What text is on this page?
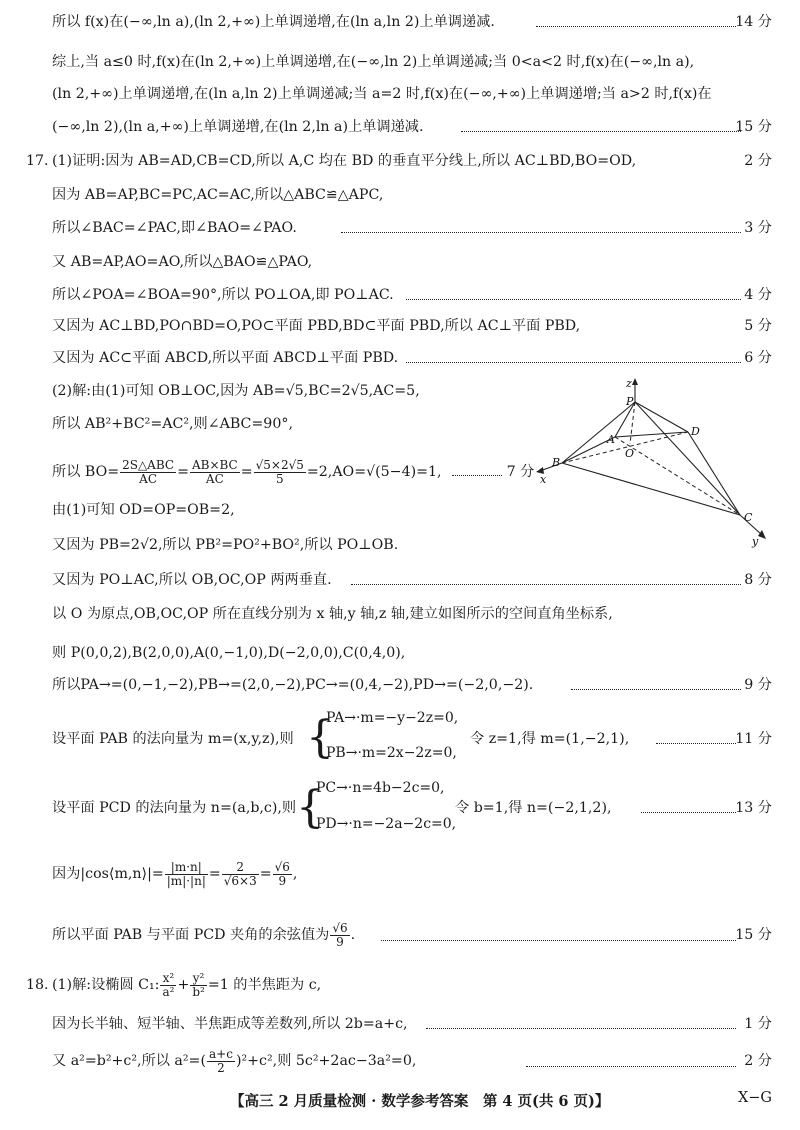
所以 f(x)在(−∞,ln a),(ln 2,+∞)上单调递增,在(ln a,ln 2)上单调递减.	14 分
综上,当 a≤0 时,f(x)在(ln 2,+∞)上单调递增,在(−∞,ln 2)上单调递减;当 0<a<2 时,f(x)在(−∞,ln a),
(ln 2,+∞)上单调递增,在(ln a,ln 2)上单调递减;当 a=2 时,f(x)在(−∞,+∞)上单调递增;当 a>2 时,f(x)在
(−∞,ln 2),(ln a,+∞)上单调递增,在(ln 2,ln a)上单调递减.	15 分
17. (1)证明:因为 AB=AD,CB=CD,所以 A,C 均在 BD 的垂直平分线上,所以 AC⊥BD,BO=OD,	2 分
因为 AB=AP,BC=PC,AC=AC,所以△ABC≌△APC,
所以∠BAC=∠PAC,即∠BAO=∠PAO.	3 分
又 AB=AP,AO=AO,所以△BAO≌△PAO,
所以∠POA=∠BOA=90°,所以 PO⊥OA,即 PO⊥AC.	4 分
又因为 AC⊥BD,PO∩BD=O,PO⊂平面 PBD,BD⊂平面 PBD,所以 AC⊥平面 PBD,	5 分
又因为 AC⊂平面 ABCD,所以平面 ABCD⊥平面 PBD.	6 分
(2)解:由(1)可知 OB⊥OC,因为 AB=√5,BC=2√5,AC=5,
所以 AB²+BC²=AC²,则∠ABC=90°,
所以 $BO= \frac{\text{2S△ABC}}{AC} = \frac{AB\times BC}{AC} = \frac{√5\times 2√5}{5} =2,AO=√(5-4)=1$,	7 分
由(1)可知 OD=OP=OB=2,
又因为 PB=2√2,所以 PB²=PO²+BO²,所以 PO⊥OB.
又因为 PO⊥AC,所以 OB,OC,OP 两两垂直.	8 分
以 O 为原点,OB,OC,OP 所在直线分别为 x 轴,y 轴,z 轴,建立如图所示的空间直角坐标系,
则 P(0,0,2),B(2,0,0),A(0,−1,0),D(−2,0,0),C(0,4,0),
所以PA→=(0,−1,−2),PB→=(2,0,−2),PC→=(0,4,−2),PD→=(−2,0,−2).	9 分
设平面 PAB 的法向量为 m=(x,y,z),则	令 z=1,得 m=(1,−2,1),	11 分
{
PA→·m=−y−2z=0,
PB→·m=2x−2z=0,
设平面 PCD 的法向量为 n=(a,b,c),则	令 b=1,得 n=(−2,1,2),	13 分
{
PC→·n=4b−2c=0,
PD→·n=−2a−2c=0,
因为|cos⟨m,n⟩|= $\frac{|m\cdot n|}{|m|\cdot|n|} = \frac{2}{√6\times 3} = \frac{√6}{9}$ ,
所以平面 PAB 与平面 PCD 夹角的余弦值为 $\frac{√6}{9}$ .	15 分
18. (1)解:设椭圆 C₁: $\frac{\text{x²}}{\text{a²}} + \frac{\text{y²}}{\text{b²}} =1$ 的半焦距为 c,
因为长半轴、短半轴、半焦距成等差数列,所以 2b=a+c,	1 分
又 a²=b²+c²,所以 $a^2=( \frac{a+c}{2} )^2+c^2$,则 5c²+2ac−3a²=0,	2 分
z
P
A
D
O
B
x
C
y
【高三 2 月质量检测 · 数学参考答案　第 4 页(共 6 页)】	X−G
